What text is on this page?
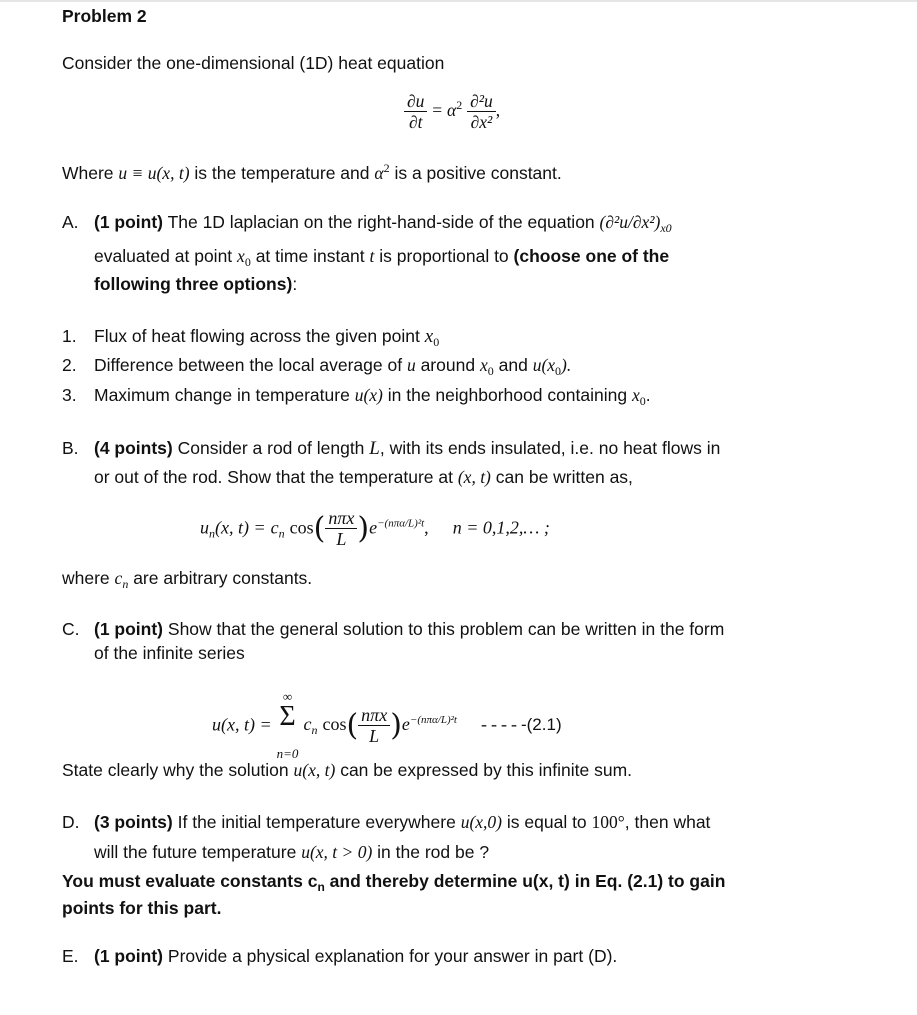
Problem 2
Consider the one-dimensional (1D) heat equation
$\frac{\partial u}{\partial t} = \alpha^2 \frac{\text{∂²u}}{\text{∂x²}}$ ,
Where u ≡ u(x, t) is the temperature and $\alpha^2$ is a positive constant.
A. (1 point) The 1D laplacian on the right-hand-side of the equation $(\partial^2u/\partial x^2)_{x0}$
evaluated at point $x_0$ at time instant t is proportional to (choose one of the
following three options):
1. Flux of heat flowing across the given point $x_0$
2. Difference between the local average of u around $x_0$ and $u(x_0)$.
3. Maximum change in temperature u(x) in the neighborhood containing $x_0$.
B. (4 points) Consider a rod of length L, with its ends insulated, i.e. no heat flows in
or out of the rod. Show that the temperature at (x, t) can be written as,
$u_n(x$, $t) = c_n$ $\cos( \frac{\text{nπx}}{L} )e^{-(n\pi\alpha/L)^2t}$, n = 0,1,2,… ;
where $c_n$ are arbitrary constants.
C. (1 point) Show that the general solution to this problem can be written in the form
of the infinite series
u(x, t) =
∞
Σ
n=0
$c_n$ $\cos( \frac{\text{nπx}}{L} )e^{-(n\pi\alpha/L)^2t}$ -----(2.1)
State clearly why the solution u(x, t) can be expressed by this infinite sum.
D. (3 points) If the initial temperature everywhere u(x,0) is equal to 100°, then what
will the future temperature u(x, t > 0) in the rod be ?
You must evaluate constants $c_n$ and thereby determine u(x, t) in Eq. (2.1) to gain
points for this part.
E. (1 point) Provide a physical explanation for your answer in part (D).
